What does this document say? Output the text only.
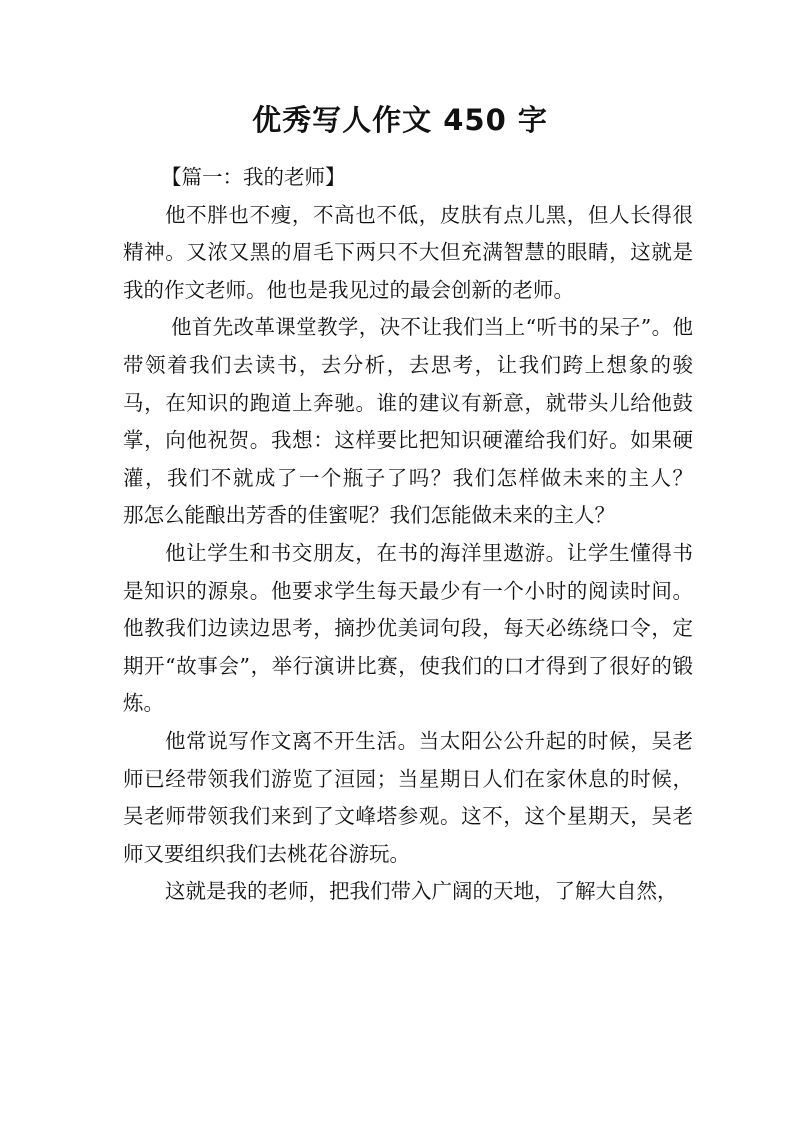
优秀写人作文 450 字

【篇一：我的老师】

他不胖也不瘦，不高也不低，皮肤有点儿黑，但人长得很精神。又浓又黑的眉毛下两只不大但充满智慧的眼睛，这就是我的作文老师。他也是我见过的最会创新的老师。

他首先改革课堂教学，决不让我们当上“听书的呆子”。他带领着我们去读书，去分析，去思考，让我们跨上想象的骏马，在知识的跑道上奔驰。谁的建议有新意，就带头儿给他鼓掌，向他祝贺。我想：这样要比把知识硬灌给我们好。如果硬灌，我们不就成了一个瓶子了吗？我们怎样做未来的主人？　那怎么能酿出芳香的佳蜜呢？我们怎能做未来的主人？

他让学生和书交朋友，在书的海洋里遨游。让学生懂得书是知识的源泉。他要求学生每天最少有一个小时的阅读时间。他教我们边读边思考，摘抄优美词句段，每天必练绕口令，定期开“故事会”，举行演讲比赛，使我们的口才得到了很好的锻炼。

他常说写作文离不开生活。当太阳公公升起的时候，吴老师已经带领我们游览了洹园；当星期日人们在家休息的时候，吴老师带领我们来到了文峰塔参观。这不，这个星期天，吴老师又要组织我们去桃花谷游玩。

这就是我的老师，把我们带入广阔的天地，了解大自然，
